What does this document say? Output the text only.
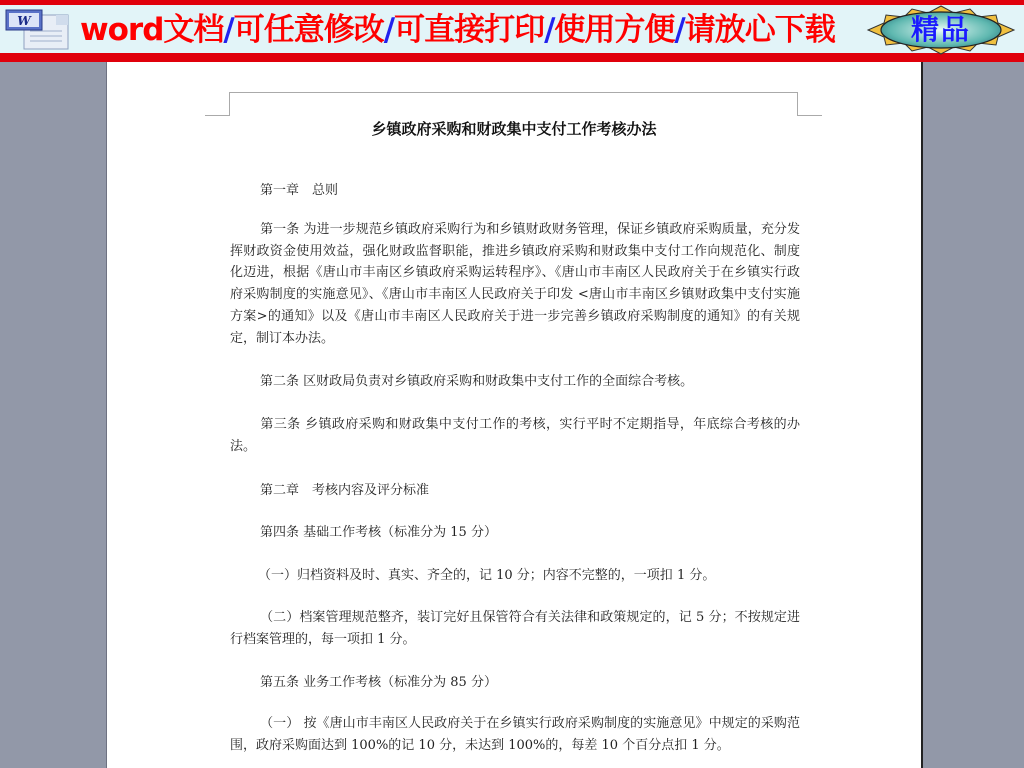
W word文档/可任意修改/可直接打印/使用方便/请放心下载	精品
乡镇政府采购和财政集中支付工作考核办法
第一章　总则
第一条 为进一步规范乡镇政府采购行为和乡镇财政财务管理，保证乡镇政府采购质量，充分发挥财政资金使用效益，强化财政监督职能，推进乡镇政府采购和财政集中支付工作向规范化、制度化迈进，根据《唐山市丰南区乡镇政府采购运转程序》、《唐山市丰南区人民政府关于在乡镇实行政府采购制度的实施意见》、《唐山市丰南区人民政府关于印发 <唐山市丰南区乡镇财政集中支付实施方案>的通知》以及《唐山市丰南区人民政府关于进一步完善乡镇政府采购制度的通知》的有关规定，制订本办法。
第二条 区财政局负责对乡镇政府采购和财政集中支付工作的全面综合考核。
第三条 乡镇政府采购和财政集中支付工作的考核，实行平时不定期指导，年底综合考核的办法。
第二章　考核内容及评分标准
第四条 基础工作考核（标准分为 15 分）
（一）归档资料及时、真实、齐全的，记 10 分；内容不完整的，一项扣 1 分。
（二）档案管理规范整齐，装订完好且保管符合有关法律和政策规定的，记 5 分；不按规定进行档案管理的，每一项扣 1 分。
第五条 业务工作考核（标准分为 85 分）
（一） 按《唐山市丰南区人民政府关于在乡镇实行政府采购制度的实施意见》中规定的采购范围，政府采购面达到 100%的记 10 分，未达到 100%的，每差 10 个百分点扣 1 分。
